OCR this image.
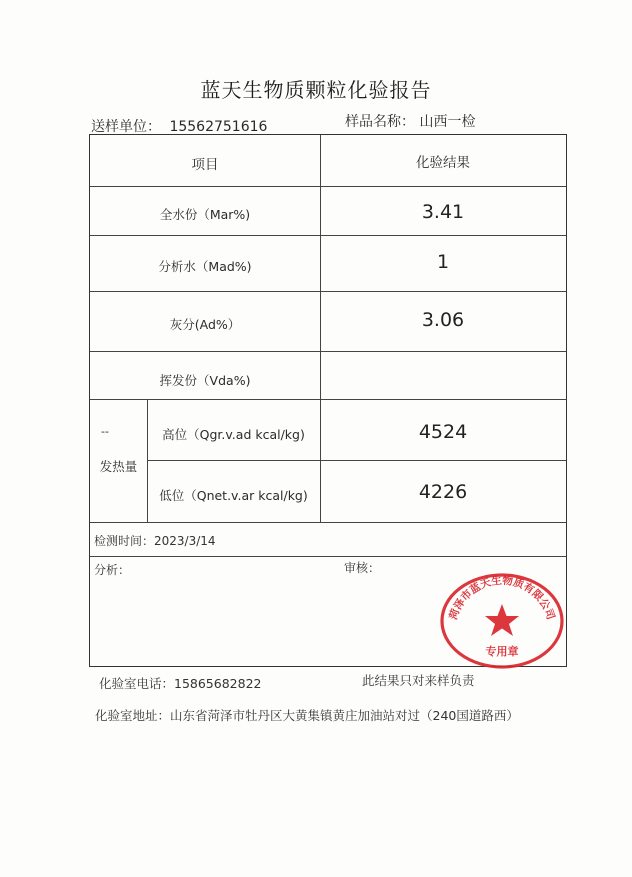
蓝天生物质颗粒化验报告
送样单位： 15562751616	样品名称： 山西一检
项目	化验结果
全水份（Mar%)	3.41
分析水（Mad%)	1
灰分(Ad%）	3.06
挥发份（Vda%)
--
发热量
高位（Qgr.v.ad kcal/kg)	4524
低位（Qnet.v.ar kcal/kg)	4226
检测时间：2023/3/14
分析：	审核：
菏泽市蓝天生物质有限公司
专用章
化验室电话：15865682822	此结果只对来样负责
化验室地址：山东省菏泽市牡丹区大黄集镇黄庄加油站对过（240国道路西）
